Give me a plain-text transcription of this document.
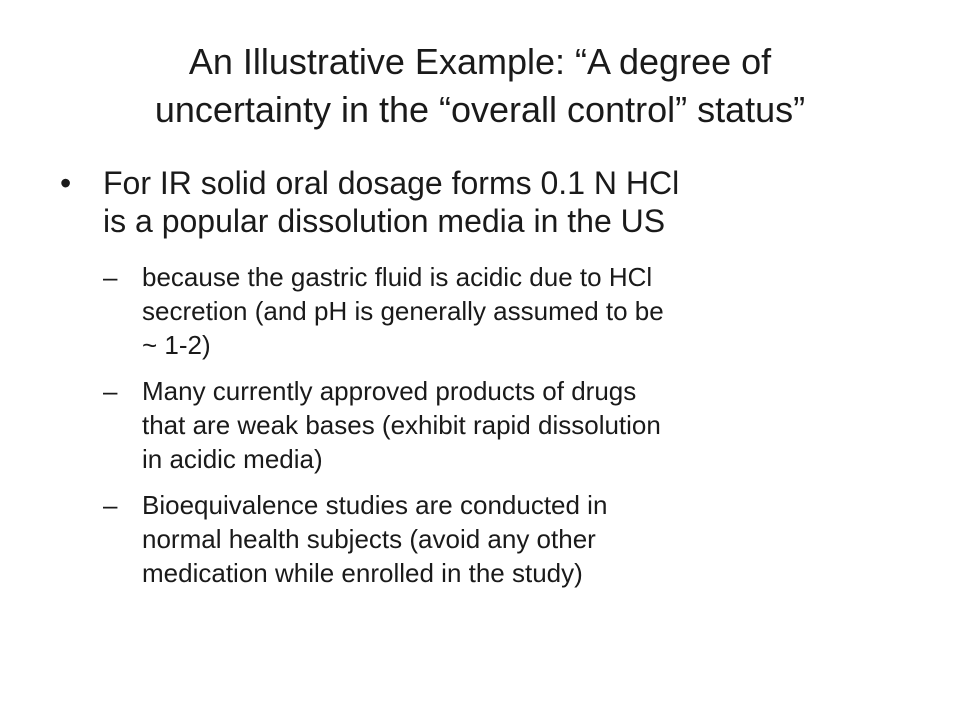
An Illustrative Example: “A degree of
uncertainty in the “overall control” status”
• For IR solid oral dosage forms 0.1 N HCl
is a popular dissolution media in the US
– because the gastric fluid is acidic due to HCl
secretion (and pH is generally assumed to be
~ 1-2)
– Many currently approved products of drugs
that are weak bases (exhibit rapid dissolution
in acidic media)
– Bioequivalence studies are conducted in
normal health subjects (avoid any other
medication while enrolled in the study)
